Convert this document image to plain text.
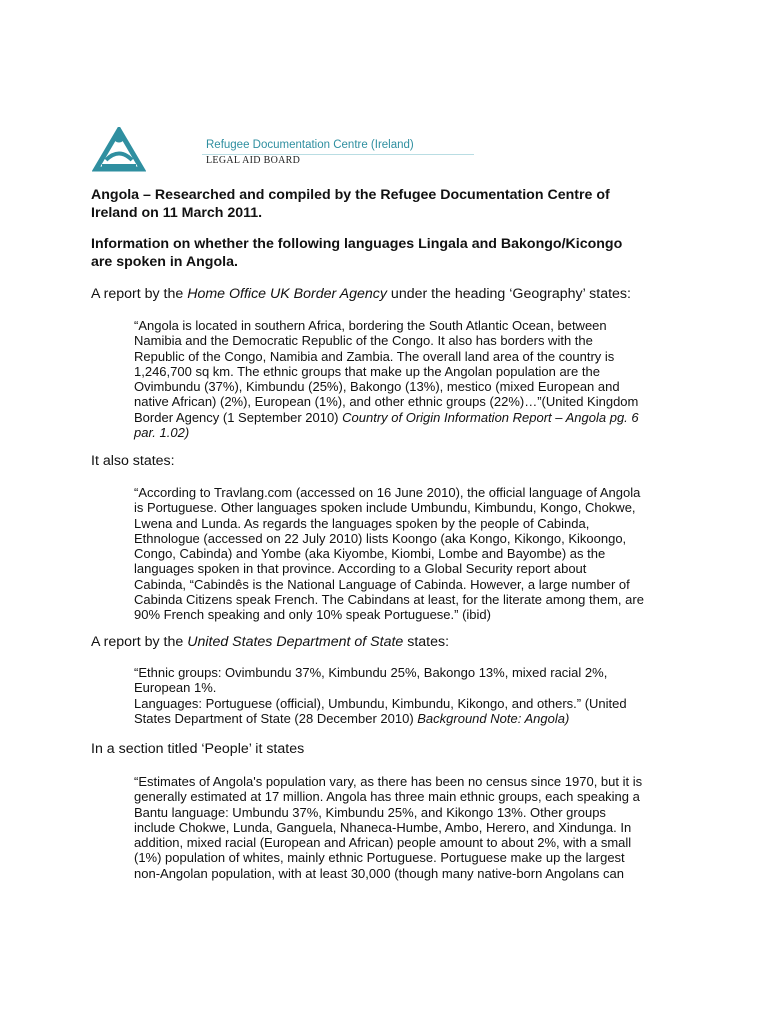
Refugee Documentation Centre (Ireland)
LEGAL AID BOARD

Angola – Researched and compiled by the Refugee Documentation Centre of

Ireland on 11 March 2011.

Information on whether the following languages Lingala and Bakongo/Kicongo

are spoken in Angola.

A report by the Home Office UK Border Agency under the heading ‘Geography’ states:

“Angola is located in southern Africa, bordering the South Atlantic Ocean, between
Namibia and the Democratic Republic of the Congo. It also has borders with the
Republic of the Congo, Namibia and Zambia. The overall land area of the country is
1,246,700 sq km. The ethnic groups that make up the Angolan population are the
Ovimbundu (37%), Kimbundu (25%), Bakongo (13%), mestico (mixed European and
native African) (2%), European (1%), and other ethnic groups (22%)…”(United Kingdom
Border Agency (1 September 2010) Country of Origin Information Report – Angola pg. 6
par. 1.02)

It also states:

“According to Travlang.com (accessed on 16 June 2010), the official language of Angola
is Portuguese. Other languages spoken include Umbundu, Kimbundu, Kongo, Chokwe,
Lwena and Lunda. As regards the languages spoken by the people of Cabinda,
Ethnologue (accessed on 22 July 2010) lists Koongo (aka Kongo, Kikongo, Kikoongo,
Congo, Cabinda) and Yombe (aka Kiyombe, Kiombi, Lombe and Bayombe) as the
languages spoken in that province. According to a Global Security report about
Cabinda, “Cabindês is the National Language of Cabinda. However, a large number of
Cabinda Citizens speak French. The Cabindans at least, for the literate among them, are
90% French speaking and only 10% speak Portuguese.” (ibid)

A report by the United States Department of State states:

“Ethnic groups: Ovimbundu 37%, Kimbundu 25%, Bakongo 13%, mixed racial 2%,
European 1%.
Languages: Portuguese (official), Umbundu, Kimbundu, Kikongo, and others.” (United
States Department of State (28 December 2010) Background Note: Angola)

In a section titled ‘People’ it states

“Estimates of Angola's population vary, as there has been no census since 1970, but it is
generally estimated at 17 million. Angola has three main ethnic groups, each speaking a
Bantu language: Umbundu 37%, Kimbundu 25%, and Kikongo 13%. Other groups
include Chokwe, Lunda, Ganguela, Nhaneca-Humbe, Ambo, Herero, and Xindunga. In
addition, mixed racial (European and African) people amount to about 2%, with a small
(1%) population of whites, mainly ethnic Portuguese. Portuguese make up the largest
non-Angolan population, with at least 30,000 (though many native-born Angolans can
